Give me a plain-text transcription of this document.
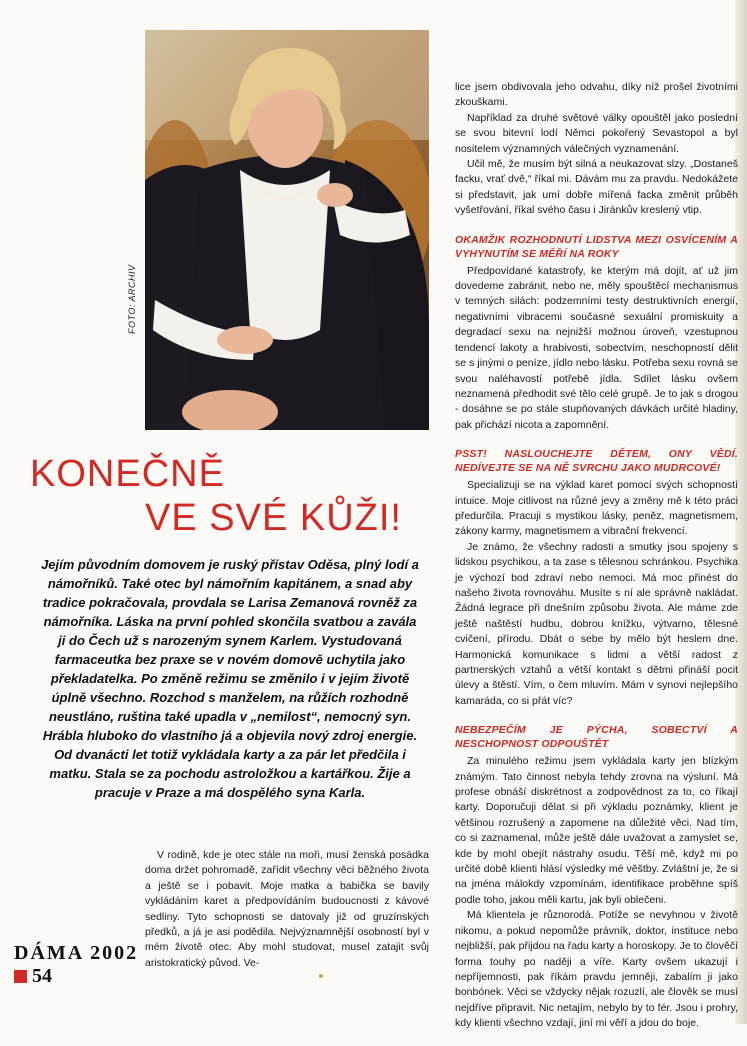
FOTO: ARCHIV
KONEČNĚ
VE SVÉ KŮŽI!

Jejím původním domovem je ruský přístav Oděsa, plný lodí a námořníků. Také otec byl námořním kapitánem, a snad aby tradice pokračovala, provdala se Larisa Zemanová rovněž za námořníka. Láska na první pohled skončila svatbou a zavála ji do Čech už s narozeným synem Karlem. Vystudovaná farmaceutka bez praxe se v novém domově uchytila jako překladatelka. Po změně režimu se změnilo i v jejím životě úplně všechno. Rozchod s manželem, na růžích rozhodně neustláno, ruština také upadla v „nemilost“, nemocný syn. Hrábla hluboko do vlastního já a objevila nový zdroj energie. Od dvanácti let totiž vykládala karty a za pár let předčila i matku. Stala se za pochodu astroložkou a kartářkou. Žije a pracuje v Praze a má dospělého syna Karla.

V rodině, kde je otec stále na moři, musí ženská posádka doma držet pohromadě, zařídit všechny věci běžného života a ještě se i pobavit. Moje matka a babička se bavily vykládáním karet a předpovídáním budoucnosti z kávové sedliny. Tyto schopnosti se datovaly již od gruzínských předků, a já je asi podědila. Nejvýznamnější osobností byl v mém životě otec. Aby mohl studovat, musel zatajit svůj aristokratický původ. Ve-

lice jsem obdivovala jeho odvahu, díky níž prošel životními zkouškami.

Například za druhé světové války opouštěl jako poslední se svou bitevní lodí Němci pokořený Sevastopol a byl nositelem významných válečných vyznamenání.

Učil mě, že musím být silná a neukazovat slzy. „Dostaneš facku, vrať dvě,“ říkal mi. Dávám mu za pravdu. Nedokážete si představit, jak umí dobře mířená facka změnit průběh vyšetřování, říkal svého času i Jiránkův kreslený vtip.

OKAMŽIK ROZHODNUTÍ LIDSTVA MEZI OSVÍCENÍM A VYHYNUTÍM SE MĚŘÍ NA ROKY

Předpovídané katastrofy, ke kterým má dojít, ať už jim dovedeme zabránit, nebo ne, měly spouštěcí mechanismus v temných silách: podzemními testy destruktivních energií, negativními vibracemi současné sexuální promiskuity a degradací sexu na nejnižší možnou úroveň, vzestupnou tendencí lakoty a hrabivosti, sobectvím, neschopností dělit se s jinými o peníze, jídlo nebo lásku. Potřeba sexu rovná se svou naléhavostí potřebě jídla. Sdílet lásku ovšem neznamená předhodit své tělo celé grupě. Je to jak s drogou - dosáhne se po stále stupňovaných dávkách určité hladiny, pak přichází nicota a zapomnění.

PSST! NASLOUCHEJTE DĚTEM, ONY VĚDÍ. NEDÍVEJTE SE NA NĚ SVRCHU JAKO MUDRCOVÉ!

Specializuji se na výklad karet pomocí svých schopností intuice. Moje citlivost na různé jevy a změny mě k této práci předurčila. Pracuji s mystikou lásky, peněz, magnetismem, zákony karmy, magnetismem a vibrační frekvencí.

Je známo, že všechny radosti a smutky jsou spojeny s lidskou psychikou, a ta zase s tělesnou schránkou. Psychika je výchozí bod zdraví nebo nemoci. Má moc přinést do našeho života rovnováhu. Musíte s ní ale správně nakládat. Žádná legrace při dnešním způsobu života. Ale máme zde ještě naštěstí hudbu, dobrou knížku, výtvarno, tělesné cvičení, přírodu. Dbát o sebe by mělo být heslem dne. Harmonická komunikace s lidmi a větší radost z partnerských vztahů a větší kontakt s dětmi přináší pocit úlevy a štěstí. Vím, o čem mluvím. Mám v synovi nejlepšího kamaráda, co si přát víc?

NEBEZPEČÍM JE PÝCHA, SOBECTVÍ A NESCHOPNOST ODPOUŠTĚT

Za minulého režimu jsem vykládala karty jen blízkým známým. Tato činnost nebyla tehdy zrovna na výsluní. Má profese obnáší diskrétnost a zodpovědnost za to, co říkají karty. Doporučuji dělat si při výkladu poznámky, klient je většinou rozrušený a zapomene na důležité věci. Nad tím, co si zaznamenal, může ještě dále uvažovat a zamyslet se, kde by mohl obejít nástrahy osudu. Těší mě, když mi po určité době klienti hlásí výsledky mé věštby. Zvláštní je, že si na jména málokdy vzpomínám, identifikace proběhne spíš podle toho, jakou měli kartu, jak byli oblečeni.

Má klientela je různorodá. Potíže se nevyhnou v životě nikomu, a pokud nepomůže právník, doktor, instituce nebo nejbližší, pak přijdou na řadu karty a horoskopy. Je to člověčí forma touhy po naději a víře. Karty ovšem ukazují i nepříjemnosti, pak říkám pravdu jemněji, zabalím ji jako bonbónek. Věci se vždycky nějak rozuzlí, ale člověk se musí nejdříve připravit. Nic netajím, nebylo by to fér. Jsou i prohry, kdy klienti všechno vzdají, jiní mi věří a jdou do boje.

DÁMA 2002
54
